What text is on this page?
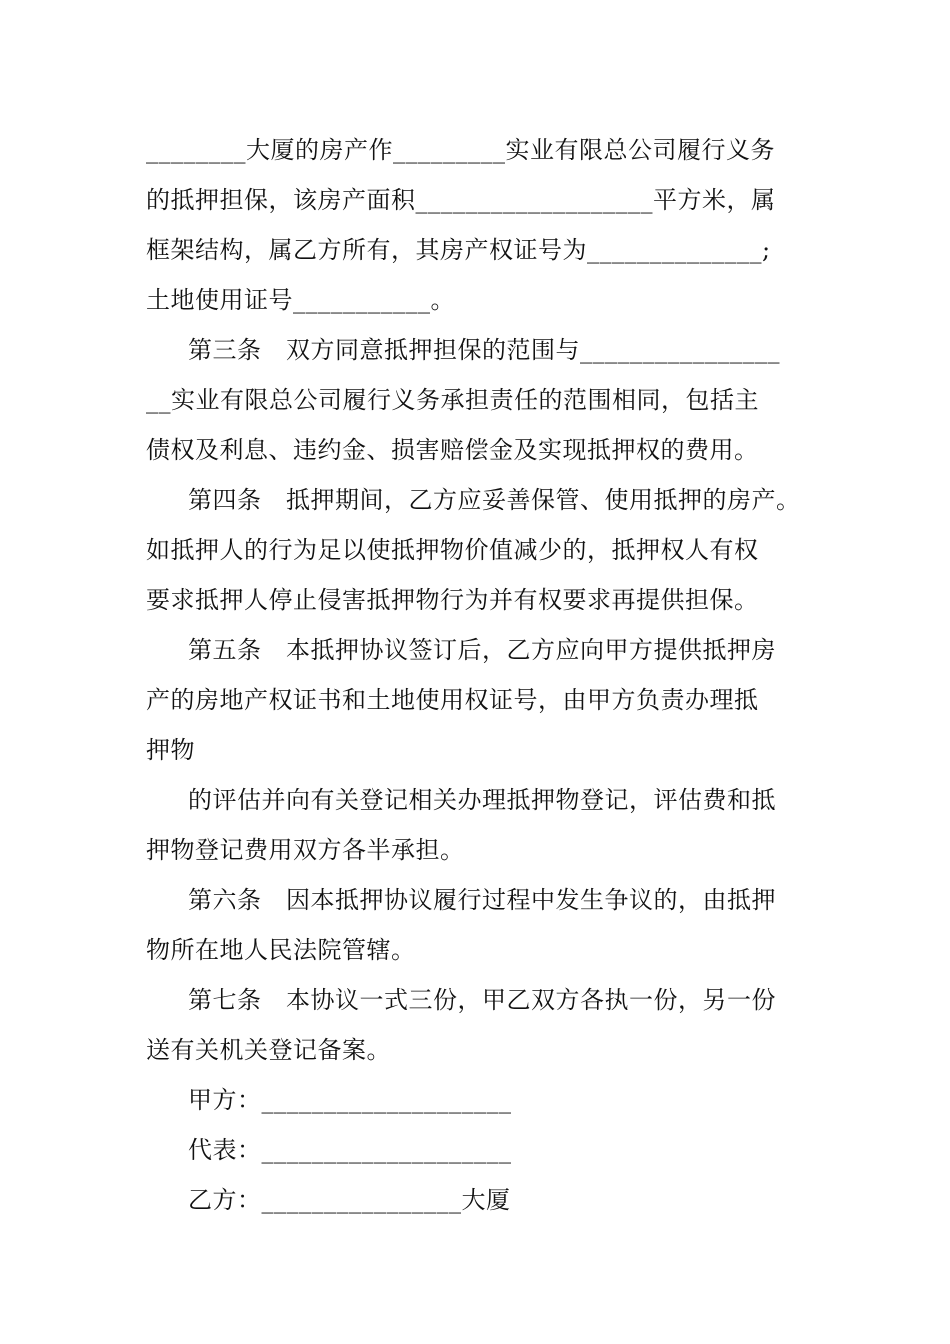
________大厦的房产作_________实业有限总公司履行义务
的抵押担保，该房产面积___________________平方米，属
框架结构，属乙方所有，其房产权证号为______________;
土地使用证号___________。
第三条　双方同意抵押担保的范围与________________
__实业有限总公司履行义务承担责任的范围相同，包括主
债权及利息、违约金、损害赔偿金及实现抵押权的费用。
第四条　抵押期间，乙方应妥善保管、使用抵押的房产。
如抵押人的行为足以使抵押物价值减少的，抵押权人有权
要求抵押人停止侵害抵押物行为并有权要求再提供担保。
第五条　本抵押协议签订后，乙方应向甲方提供抵押房
产的房地产权证书和土地使用权证号，由甲方负责办理抵
押物
的评估并向有关登记相关办理抵押物登记，评估费和抵
押物登记费用双方各半承担。
第六条　因本抵押协议履行过程中发生争议的，由抵押
物所在地人民法院管辖。
第七条　本协议一式三份，甲乙双方各执一份，另一份
送有关机关登记备案。
甲方：____________________
代表：____________________
乙方：________________大厦
